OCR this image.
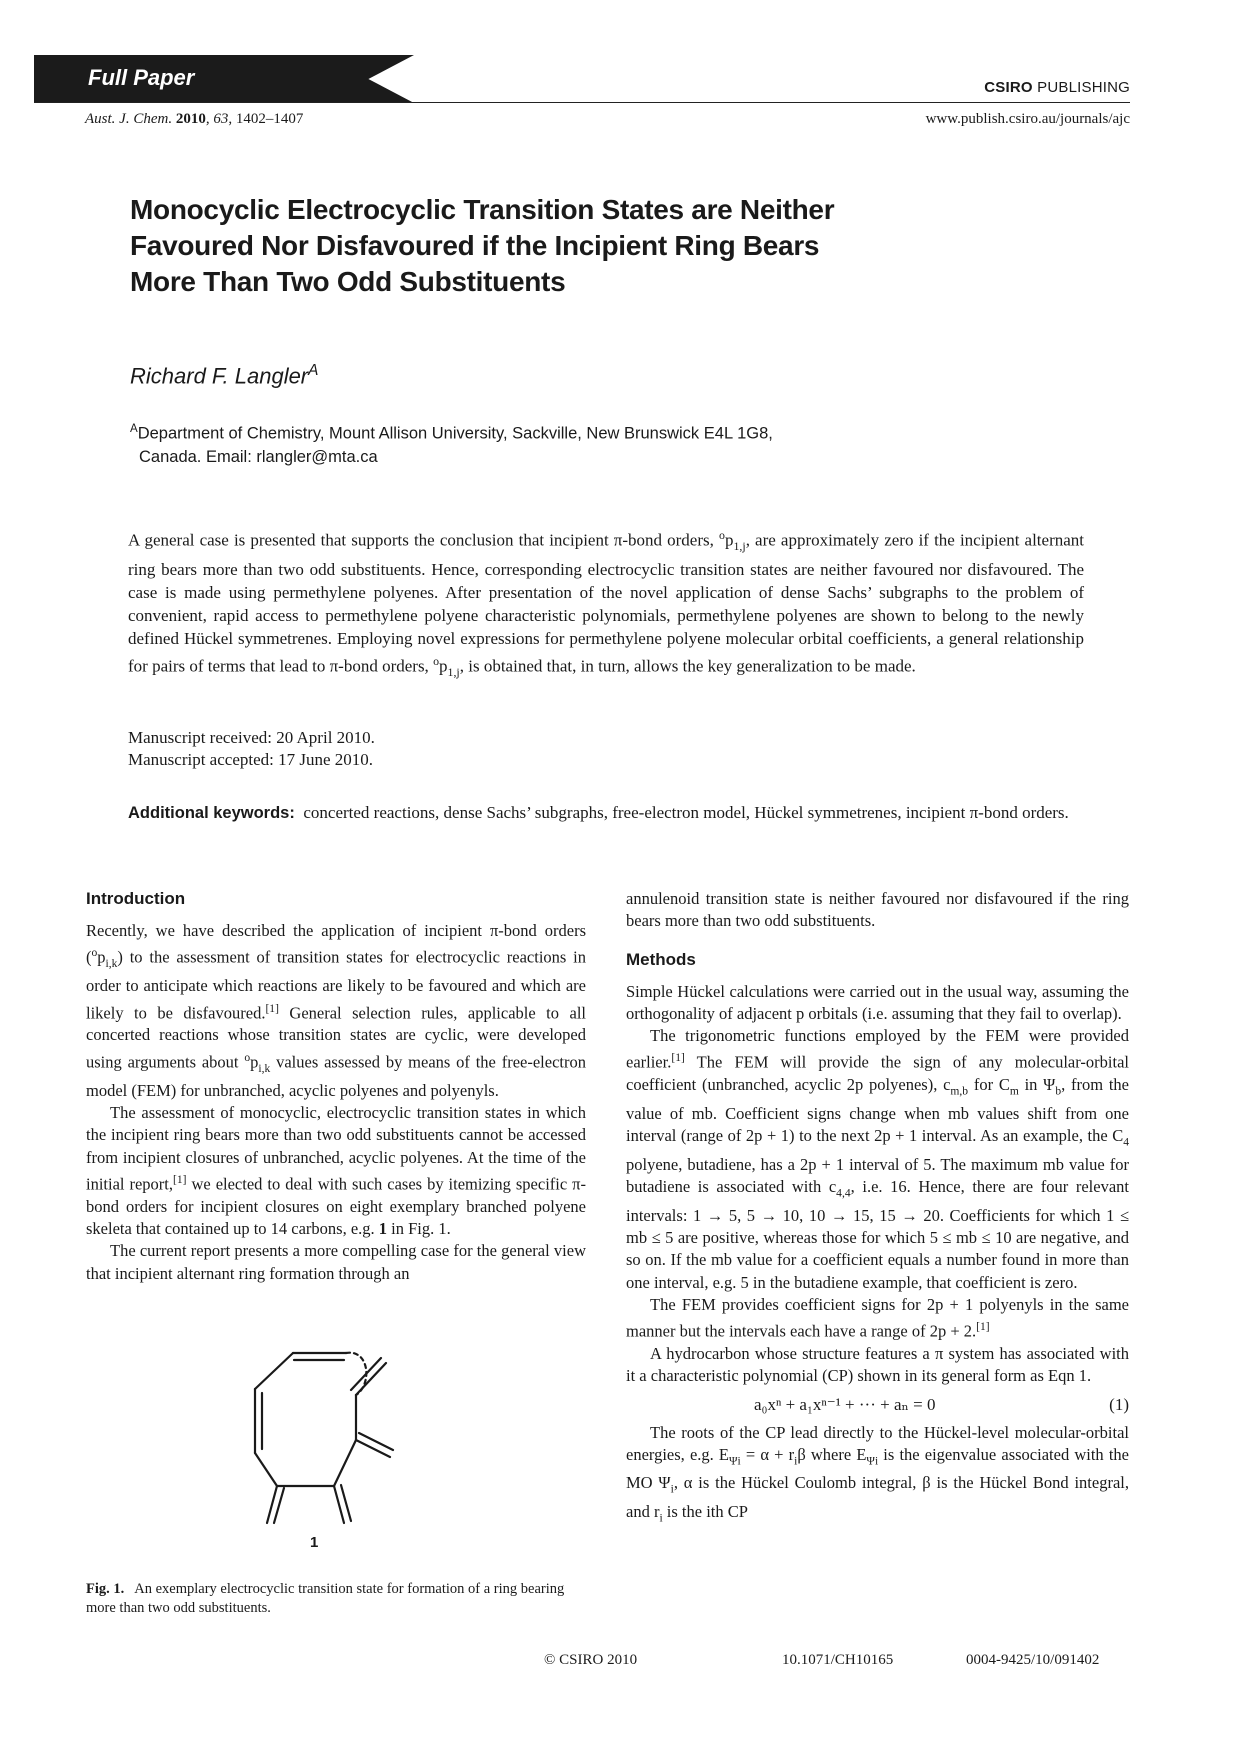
Full Paper	CSIRO PUBLISHING
Aust. J. Chem. 2010, 63, 1402–1407	www.publish.csiro.au/journals/ajc
Monocyclic Electrocyclic Transition States are Neither
Favoured Nor Disfavoured if the Incipient Ring Bears
More Than Two Odd Substituents
Richard F. Langler$^A$
$^A$Department of Chemistry, Mount Allison University, Sackville, New Brunswick E4L 1G8,
Canada. Email: rlangler@mta.ca
A general case is presented that supports the conclusion that incipient π-bond orders, $^op_{1,j}$, are approximately zero if the incipient alternant ring bears more than two odd substituents. Hence, corresponding electrocyclic transition states are neither favoured nor disfavoured. The case is made using permethylene polyenes. After presentation of the novel application of dense Sachs’ subgraphs to the problem of convenient, rapid access to permethylene polyene characteristic polynomials, permethylene polyenes are shown to belong to the newly defined Hückel symmetrenes. Employing novel expressions for permethylene polyene molecular orbital coefficients, a general relationship for pairs of terms that lead to π-bond orders, $^op_{1,j}$, is obtained that, in turn, allows the key generalization to be made.
Manuscript received: 20 April 2010.
Manuscript accepted: 17 June 2010.
Additional keywords: concerted reactions, dense Sachs’ subgraphs, free-electron model, Hückel symmetrenes, incipient π-bond orders.
Introduction

Recently, we have described the application of incipient π-bond orders $(^op_{i,k})$ to the assessment of transition states for electrocyclic reactions in order to anticipate which reactions are likely to be favoured and which are likely to be disfavoured.[1] General selection rules, applicable to all concerted reactions whose transition states are cyclic, were developed using arguments about $^op_{i,k}$ values assessed by means of the free-electron model (FEM) for unbranched, acyclic polyenes and polyenyls.

The assessment of monocyclic, electrocyclic transition states in which the incipient ring bears more than two odd substituents cannot be accessed from incipient closures of unbranched, acyclic polyenes. At the time of the initial report,[1] we elected to deal with such cases by itemizing specific π-bond orders for incipient closures on eight exemplary branched polyene skeleta that contained up to 14 carbons, e.g. 1 in Fig. 1.

The current report presents a more compelling case for the general view that incipient alternant ring formation through an

1
Fig. 1. An exemplary electrocyclic transition state for formation of a ring bearing more than two odd substituents.

annulenoid transition state is neither favoured nor disfavoured if the ring bears more than two odd substituents.

Methods

Simple Hückel calculations were carried out in the usual way, assuming the orthogonality of adjacent p orbitals (i.e. assuming that they fail to overlap).

The trigonometric functions employed by the FEM were provided earlier.[1] The FEM will provide the sign of any molecular-orbital coefficient (unbranched, acyclic 2p polyenes), $c_{m,b}$ for $C_m$ in $\Psi_b$, from the value of mb. Coefficient signs change when mb values shift from one interval (range of 2p + 1) to the next 2p + 1 interval. As an example, the $C_4$ polyene, butadiene, has a 2p + 1 interval of 5. The maximum mb value for butadiene is associated with $c_{4,4}$, i.e. 16. Hence, there are four relevant intervals: 1 → 5, 5 → 10, 10 → 15, 15 → 20. Coefficients for which 1 ≤ mb ≤ 5 are positive, whereas those for which 5 ≤ mb ≤ 10 are negative, and so on. If the mb value for a coefficient equals a number found in more than one interval, e.g. 5 in the butadiene example, that coefficient is zero.

The FEM provides coefficient signs for 2p + 1 polyenyls in the same manner but the intervals each have a range of 2p + 2.[1]

A hydrocarbon whose structure features a π system has associated with it a characteristic polynomial (CP) shown in its general form as Eqn 1.

a₀xⁿ + a₁xⁿ⁻¹ + ··· + aₙ = 0	(1)

The roots of the CP lead directly to the Hückel-level molecular-orbital energies, e.g. $E_{\Psi i} = \alpha + r_i\beta$ where $E_{\Psi i}$ is the eigenvalue associated with the MO $\Psi_i$, α is the Hückel Coulomb integral, β is the Hückel Bond integral, and $r_i$ is the ith CP

© CSIRO 2010	10.1071/CH10165	0004-9425/10/091402
